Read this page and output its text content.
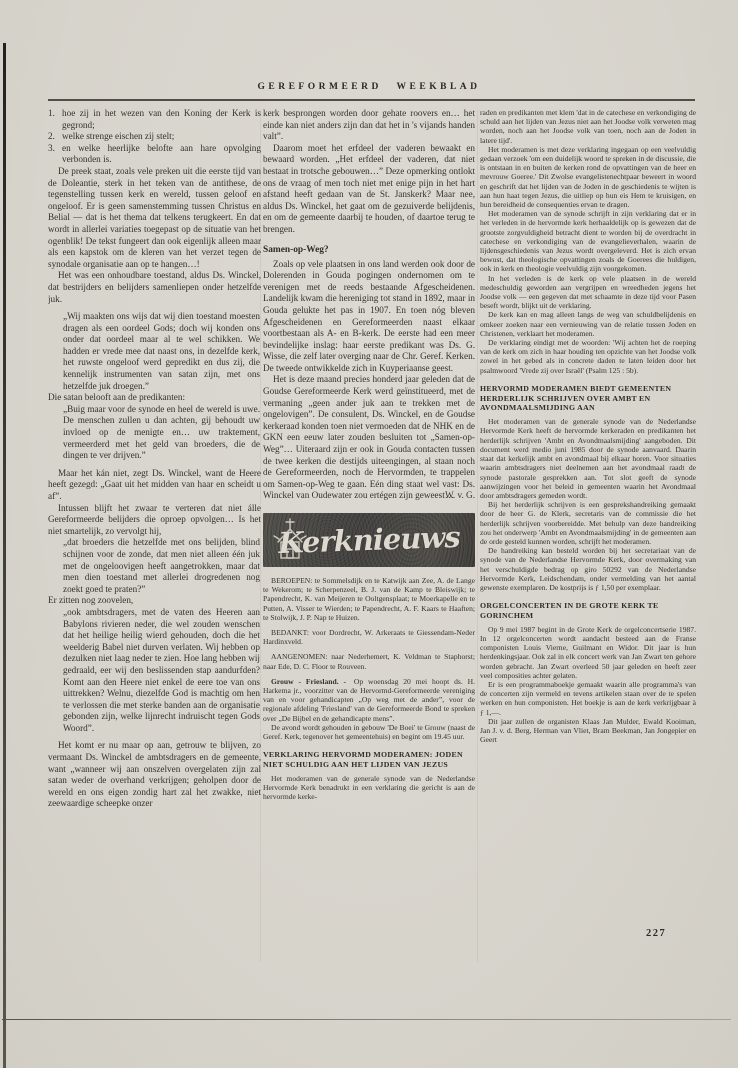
GEREFORMEERD WEEKBLAD
1. hoe zij in het wezen van den Koning der Kerk is gegrond;
2. welke strenge eischen zij stelt;
3. en welke heerlijke belofte aan hare opvolging verbonden is.

De preek staat, zoals vele preken uit die eerste tijd van de Doleantie, sterk in het teken van de antithese, de tegenstelling tussen kerk en wereld, tussen geloof en ongeloof. Er is geen samenstemming tussen Christus en Belial — dat is het thema dat telkens terugkeert. En dat wordt in allerlei variaties toegepast op de situatie van het ogenblik! De tekst fungeert dan ook eigenlijk alleen maar als een kapstok om de kleren van het verzet tegen de synodale organisatie aan op te hangen…!

Het was een onhoudbare toestand, aldus Ds. Winckel, dat bestrijders en belijders samenliepen onder hetzelfde juk.

„Wij maakten ons wijs dat wij dien toestand moesten dragen als een oordeel Gods; doch wij konden ons onder dat oordeel maar al te wel schikken. We hadden er vrede mee dat naast ons, in dezelfde kerk, het ruwste ongeloof werd gepredikt en dus zij, die kennelijk instrumenten van satan zijn, met ons hetzelfde juk droegen.”

Die satan belooft aan de predikanten:

„Buig maar voor de synode en heel de wereld is uwe. De menschen zullen u dan achten, gij behoudt uw invloed op de menigte en… uw traktement, vermeerderd met het geld van broeders, die de dingen te ver drijven.”

Maar het kán niet, zegt Ds. Winckel, want de Heere heeft gezegd: „Gaat uit het midden van haar en scheidt u af”.

Intussen blijft het zwaar te verteren dat niet álle Gereformeerde belijders die oproep opvolgen… Is het niet smartelijk, zo vervolgt hij,

„dat broeders die hetzelfde met ons belijden, blind schijnen voor de zonde, dat men niet alleen één juk met de ongeloovigen heeft aangetrokken, maar dat men dien toestand met allerlei drogredenen nog zoekt goed te praten?”

Er zitten nog zoovelen,

„ook ambtsdragers, met de vaten des Heeren aan Babylons rivieren neder, die wel zouden wenschen dat het heilige heilig wierd gehouden, doch die het weelderig Babel niet durven verlaten. Wij hebben op dezulken niet laag neder te zien. Hoe lang hebben wij gedraald, eer wij den beslissenden stap aandurfden? Komt aan den Heere niet enkel de eere toe van ons uittrekken? Welnu, diezelfde God is machtig om hen te verlossen die met sterke banden aan de organisatie gebonden zijn, welke lijnrecht indruischt tegen Gods Woord”.

Het komt er nu maar op aan, getrouw te blijven, zo vermaant Ds. Winckel de ambtsdragers en de gemeente, want „wanneer wij aan onszelven overgelaten zijn zal satan weder de overhand verkrijgen; geholpen door de wereld en ons eigen zondig hart zal het zwakke, niet zeewaardige scheepke onzer

kerk besprongen worden door gehate roovers en… het einde kan niet anders zijn dan dat het in 's vijands handen valt”.

Daarom moet het erfdeel der vaderen bewaakt en bewaard worden. „Het erfdeel der vaderen, dat niet bestaat in trotsche gebouwen…” Deze opmerking ontlokt ons de vraag of men toch niet met enige pijn in het hart afstand heeft gedaan van de St. Janskerk? Maar nee, aldus Ds. Winckel, het gaat om de gezuiverde belijdenis, en om de gemeente daarbij te houden, of daartoe terug te brengen.

Samen-op-Weg?

Zoals op vele plaatsen in ons land werden ook door de Dolerenden in Gouda pogingen ondernomen om te verenigen met de reeds bestaande Afgescheidenen. Landelijk kwam die hereniging tot stand in 1892, maar in Gouda gelukte het pas in 1907. En toen nóg bleven Afgescheidenen en Gereformeerden naast elkaar voortbestaan als A- en B-kerk. De eerste had een meer bevindelijke inslag: haar eerste predikant was Ds. G. Wisse, die zelf later overging naar de Chr. Geref. Kerken. De tweede ontwikkelde zich in Kuyperiaanse geest.

Het is deze maand precies honderd jaar geleden dat de Goudse Gereformeerde Kerk werd geïnstitueerd, met de vermaning „geen ander juk aan te trekken met de ongelovigen”. De consulent, Ds. Winckel, en de Goudse kerkeraad konden toen niet vermoeden dat de NHK en de GKN een eeuw later zouden besluiten tot „Samen-op-Weg”… Uiteraard zijn er ook in Gouda contacten tussen de twee kerken die destijds uiteengingen, al staan noch de Gereformeerden, noch de Hervormden, te trappelen om Samen-op-Weg te gaan. Eén ding staat wel vast: Ds. Winckel van Oudewater zou ertégen zijn geweest…
W. v. G.

Kerknieuws

BEROEPEN: te Sommelsdijk en te Katwijk aan Zee, A. de Lange te Wekerom; te Scherpenzeel, B. J. van de Kamp te Bleiswijk; te Papendrecht, K. van Meijeren te Ooltgensplaat; te Moerkapelle en te Putten, A. Visser te Wierden; te Papendrecht, A. F. Kaars te Haaften; te Stolwijk, J. P. Nap te Huizen.

BEDANKT: voor Dordrecht, W. Arkeraats te Giessendam-Neder Hardinxveld.

AANGENOMEN: naar Nederhemert, K. Veldman te Staphorst; naar Ede, D. C. Floor te Rouveen.

Grouw - Friesland. - Op woensdag 20 mei hoopt ds. H. Harkema jr., voorzitter van de Hervormd-Gereformeerde vereniging van en voor gehandicapten „Op weg met de ander”, voor de regionale afdeling 'Friesland' van de Gereformeerde Bond te spreken over „De Bijbel en de gehandicapte mens”.

De avond wordt gehouden in gebouw 'De Boei' te Grouw (naast de Geref. Kerk, tegenover het gemeentehuis) en begint om 19.45 uur.

VERKLARING HERVORMD MODERAMEN: JODEN NIET SCHULDIG AAN HET LIJDEN VAN JEZUS

Het moderamen van de generale synode van de Nederlandse Hervormde Kerk benadrukt in een verklaring die gericht is aan de hervormde kerke-

raden en predikanten met klem 'dat in de catechese en verkondiging de schuld aan het lijden van Jezus niet aan het Joodse volk verweten mag worden, noch aan het Joodse volk van toen, noch aan de Joden in latere tijd'.

Het moderamen is met deze verklaring ingegaan op een veelvuldig gedaan verzoek 'om een duidelijk woord te spreken in de discussie, die is ontstaan in en buiten de kerken rond de opvattingen van de heer en mevrouw Goeree.' Dit Zwolse evangelistenechtpaar beweert in woord en geschrift dat het lijden van de Joden in de geschiedenis te wijten is aan hun haat tegen Jezus, die uitliep op hun eis Hem te kruisigen, en hun bereidheid de consequenties ervan te dragen.

Het moderamen van de synode schrijft in zijn verklaring dat er in het verleden in de hervormde kerk herhaaldelijk op is gewezen dat de grootste zorgvuldigheid betracht dient te worden bij de overdracht in catechese en verkondiging van de evangelieverhalen, waarin de lijdensgeschiedenis van Jezus wordt overgeleverd. Het is zich ervan bewust, dat theologische opvattingen zoals de Goerees die huldigen, ook in kerk en theologie veelvuldig zijn voorgekomen.

In het verleden is de kerk op vele plaatsen in de wereld medeschuldig geworden aan vergrijpen en wreedheden jegens het Joodse volk — een gegeven dat met schaamte in deze tijd voor Pasen beseft wordt, blijkt uit de verklaring.

De kerk kan en mag alleen langs de weg van schuldbelijdenis en omkeer zoeken naar een vernieuwing van de relatie tussen Joden en Christenen, verklaart het moderamen.

De verklaring eindigt met de woorden: 'Wij achten het de roeping van de kerk om zich in haar houding ten opzichte van het Joodse volk zowel in het gebed als in concrete daden te laten leiden door het psalmwoord 'Vrede zij over Israël' (Psalm 125 : 5b).

HERVORMD MODERAMEN BIEDT GEMEENTEN HERDERLIJK SCHRIJVEN OVER AMBT EN AVONDMAALSMIJDING AAN

Het moderamen van de generale synode van de Nederlandse Hervormde Kerk heeft de hervormde kerkeraden en predikanten het herderlijk schrijven 'Ambt en Avondmaalsmijding' aangeboden. Dit document werd medio juni 1985 door de synode aanvaard. Daarin staat dat kerkelijk ambt en avondmaal bij elkaar horen. Voor situaties waarin ambtsdragers niet deelnemen aan het avondmaal raadt de synode pastorale gesprekken aan. Tot slot geeft de synode aanwijzingen voor het beleid in gemeenten waarin het Avondmaal door ambtsdragers gemeden wordt.

Bij het herderlijk schrijven is een gesprekshandreiking gemaakt door de heer G. de Klerk, secretaris van de commissie die het herderlijk schrijven voorbereidde. Met behulp van deze handreiking zou het onderwerp 'Ambt en Avondmaalsmijding' in de gemeenten aan de orde gesteld kunnen worden, schrijft het moderamen.

De handreiking kan besteld worden bij het secretariaat van de synode van de Nederlandse Hervormde Kerk, door overmaking van het verschuldigde bedrag op giro 50292 van de Nederlandse Hervormde Kerk, Leidschendam, onder vermelding van het aantal gewenste exemplaren. De kostprijs is ƒ 1,50 per exemplaar.

ORGELCONCERTEN IN DE GROTE KERK TE GORINCHEM

Op 9 mei 1987 begint in de Grote Kerk de orgelconcertserie 1987. In 12 orgelconcerten wordt aandacht besteed aan de Franse componisten Louis Vierne, Guilmant en Widor. Dit jaar is hun herdenkingsjaar. Ook zal in elk concert werk van Jan Zwart ten gehore worden gebracht. Jan Zwart overleed 50 jaar geleden en heeft zeer veel composities achter gelaten.

Er is een programmaboekje gemaakt waarin alle programma's van de concerten zijn vermeld en tevens artikelen staan over de te spelen werken en hun componisten. Het boekje is aan de kerk verkrijgbaar à ƒ 1,—.

Dit jaar zullen de organisten Klaas Jan Mulder, Ewald Kooiman, Jan J. v. d. Berg, Herman van Vliet, Bram Beekman, Jan Jongepier en Geert

227
